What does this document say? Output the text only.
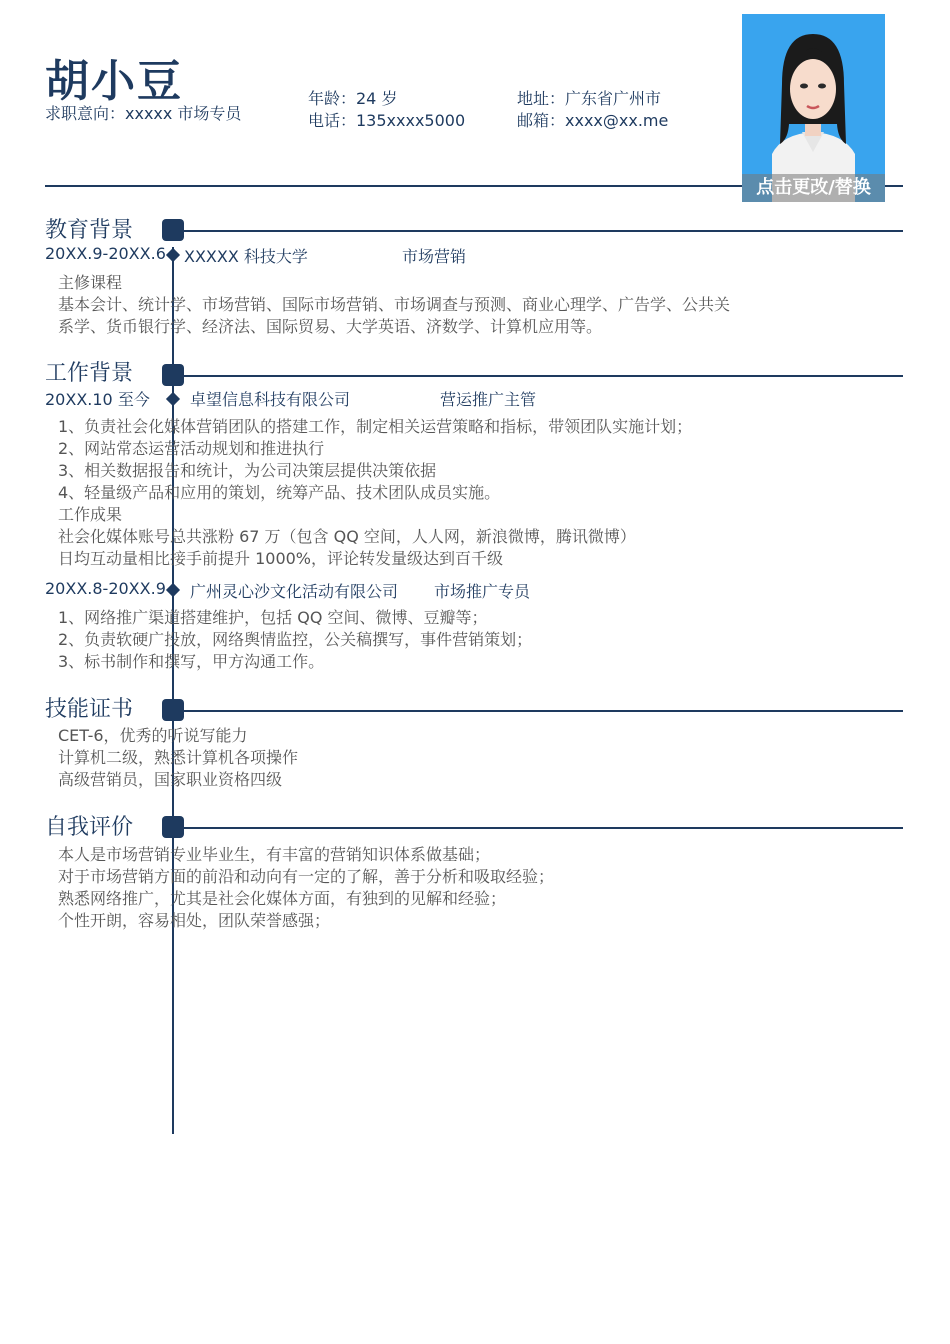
胡小豆
求职意向：xxxxx 市场专员
年龄：24 岁
电话：135xxxx5000
地址：广东省广州市
邮箱：xxxx@xx.me
点击更改/替换
教育背景
20XX.9-20XX.6 XXXXX 科技大学	市场营销
主修课程
基本会计、统计学、市场营销、国际市场营销、市场调查与预测、商业心理学、广告学、公共关
系学、货币银行学、经济法、国际贸易、大学英语、济数学、计算机应用等。
工作背景
20XX.10 至今	卓望信息科技有限公司	营运推广主管
1、负责社会化媒体营销团队的搭建工作，制定相关运营策略和指标，带领团队实施计划；
2、网站常态运营活动规划和推进执行
3、相关数据报告和统计，为公司决策层提供决策依据
4、轻量级产品和应用的策划，统筹产品、技术团队成员实施。
工作成果
社会化媒体账号总共涨粉 67 万（包含 QQ 空间，人人网，新浪微博，腾讯微博）
日均互动量相比接手前提升 1000%，评论转发量级达到百千级
20XX.8-20XX.9 广州灵心沙文化活动有限公司 市场推广专员
1、网络推广渠道搭建维护，包括 QQ 空间、微博、豆瓣等；
2、负责软硬广投放，网络舆情监控，公关稿撰写，事件营销策划；
3、标书制作和撰写，甲方沟通工作。
技能证书
CET-6，优秀的听说写能力
计算机二级，熟悉计算机各项操作
高级营销员，国家职业资格四级
自我评价
本人是市场营销专业毕业生，有丰富的营销知识体系做基础；
对于市场营销方面的前沿和动向有一定的了解，善于分析和吸取经验；
熟悉网络推广，尤其是社会化媒体方面，有独到的见解和经验；
个性开朗，容易相处，团队荣誉感强；
